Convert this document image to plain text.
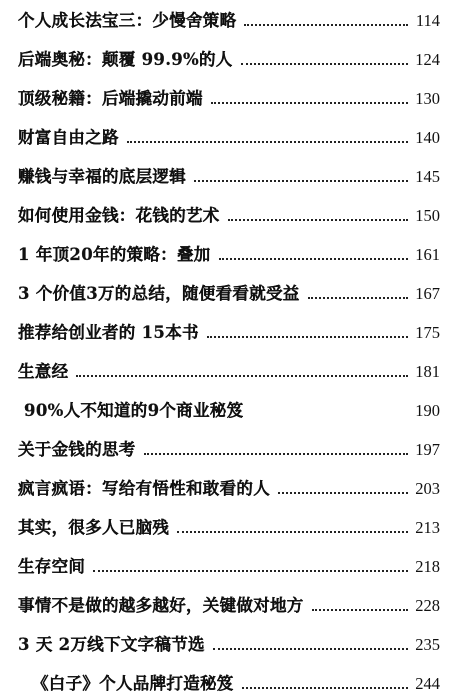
个人成长法宝三：少慢舍策略	114
后端奥秘：颠覆 99.9%的人	124
顶级秘籍：后端撬动前端	130
财富自由之路	140
赚钱与幸福的底层逻辑	145
如何使用金钱：花钱的艺术	150
1 年顶20年的策略：叠加	161
3 个价值3万的总结，随便看看就受益	167
推荐给创业者的 15本书	175
生意经	181
90%人不知道的9个商业秘笈	190
关于金钱的思考	197
疯言疯语：写给有悟性和敢看的人	203
其实，很多人已脑残	213
生存空间	218
事情不是做的越多越好，关键做对地方	228
3 天 2万线下文字稿节选	235
《白子》个人品牌打造秘笈	244
